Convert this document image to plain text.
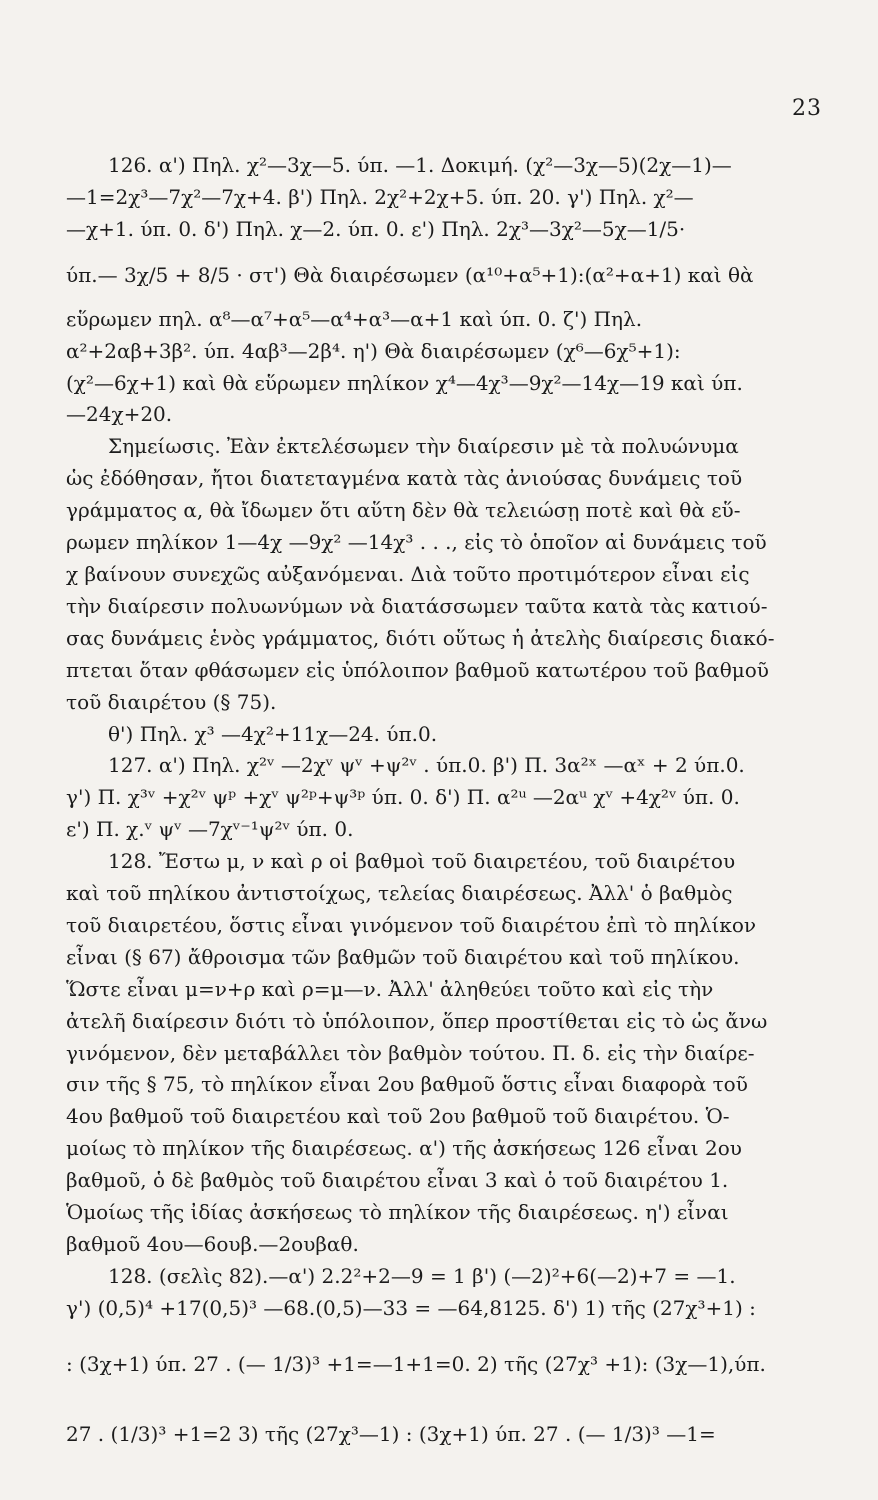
23
126. α') Πηλ. χ²—3χ—5. ύπ. —1. Δοκιμή. (χ²—3χ—5)(2χ—1)—
—1=2χ³—7χ²—7χ+4. β') Πηλ. 2χ²+2χ+5. ύπ. 20. γ') Πηλ. χ²—
—χ+1. ύπ. 0. δ') Πηλ. χ—2. ύπ. 0. ε') Πηλ. 2χ³—3χ²—5χ—1/5·
ύπ.— 3χ/5 + 8/5 · στ') Θὰ διαιρέσωμεν (α¹⁰+α⁵+1):(α²+α+1) καὶ θὰ
εὕρωμεν πηλ. α⁸—α⁷+α⁵—α⁴+α³—α+1 καὶ ύπ. 0. ζ') Πηλ.
α²+2αβ+3β². ύπ. 4αβ³—2β⁴. η') Θὰ διαιρέσωμεν (χ⁶—6χ⁵+1):
(χ²—6χ+1) καὶ θὰ εὕρωμεν πηλίκον χ⁴—4χ³—9χ²—14χ—19 καὶ ύπ.
—24χ+20.
Σημείωσις. Ἐὰν ἐκτελέσωμεν τὴν διαίρεσιν μὲ τὰ πολυώνυμα
ὡς ἐδόθησαν, ἤτοι διατεταγμένα κατὰ τὰς ἀνιούσας δυνάμεις τοῦ
γράμματος α, θὰ ἴδωμεν ὅτι αὕτη δὲν θὰ τελειώσῃ ποτὲ καὶ θὰ εὕ-
ρωμεν πηλίκον 1—4χ —9χ² —14χ³ . . ., εἰς τὸ ὁποῖον αἱ δυνάμεις τοῦ
χ βαίνουν συνεχῶς αὐξανόμεναι. Διὰ τοῦτο προτιμότερον εἶναι εἰς
τὴν διαίρεσιν πολυωνύμων νὰ διατάσσωμεν ταῦτα κατὰ τὰς κατιού-
σας δυνάμεις ἑνὸς γράμματος, διότι οὕτως ἡ ἀτελὴς διαίρεσις διακό-
πτεται ὅταν φθάσωμεν εἰς ὑπόλοιπον βαθμοῦ κατωτέρου τοῦ βαθμοῦ
τοῦ διαιρέτου (§ 75).
θ') Πηλ. χ³ —4χ²+11χ—24. ύπ.0.
127. α') Πηλ. χ²ᵛ —2χᵛ ψᵛ +ψ²ᵛ . ύπ.0. β') Π. 3α²ˣ —αˣ + 2 ύπ.0.
γ') Π. χ³ᵛ +χ²ᵛ ψᵖ +χᵛ ψ²ᵖ+ψ³ᵖ ύπ. 0. δ') Π. α²ᵘ —2αᵘ χᵛ +4χ²ᵛ ύπ. 0.
ε') Π. χ.ᵛ ψᵛ —7χᵛ⁻¹ψ²ᵛ ύπ. 0.
128. Ἔστω μ, ν καὶ ρ οἱ βαθμοὶ τοῦ διαιρετέου, τοῦ διαιρέτου
καὶ τοῦ πηλίκου ἀντιστοίχως, τελείας διαιρέσεως. Ἀλλ' ὁ βαθμὸς
τοῦ διαιρετέου, ὅστις εἶναι γινόμενον τοῦ διαιρέτου ἐπὶ τὸ πηλίκον
εἶναι (§ 67) ἄθροισμα τῶν βαθμῶν τοῦ διαιρέτου καὶ τοῦ πηλίκου.
Ὥστε εἶναι μ=ν+ρ καὶ ρ=μ—ν. Ἀλλ' ἀληθεύει τοῦτο καὶ εἰς τὴν
ἀτελῆ διαίρεσιν διότι τὸ ὑπόλοιπον, ὅπερ προστίθεται εἰς τὸ ὡς ἄνω
γινόμενον, δὲν μεταβάλλει τὸν βαθμὸν τούτου. Π. δ. εἰς τὴν διαίρε-
σιν τῆς § 75, τὸ πηλίκον εἶναι 2ου βαθμοῦ ὅστις εἶναι διαφορὰ τοῦ
4ου βαθμοῦ τοῦ διαιρετέου καὶ τοῦ 2ου βαθμοῦ τοῦ διαιρέτου. Ὁ-
μοίως τὸ πηλίκον τῆς διαιρέσεως. α') τῆς ἀσκήσεως 126 εἶναι 2ου
βαθμοῦ, ὁ δὲ βαθμὸς τοῦ διαιρέτου εἶναι 3 καὶ ὁ τοῦ διαιρέτου 1.
Ὁμοίως τῆς ἰδίας ἀσκήσεως τὸ πηλίκον τῆς διαιρέσεως. η') εἶναι
βαθμοῦ 4ου—6ουβ.—2ουβαθ.
128. (σελὶς 82).—α') 2.2²+2—9 = 1 β') (—2)²+6(—2)+7 = —1.
γ') (0,5)⁴ +17(0,5)³ —68.(0,5)—33 = —64,8125. δ') 1) τῆς (27χ³+1) :
: (3χ+1) ύπ. 27 . (— 1/3)³ +1=—1+1=0. 2) τῆς (27χ³ +1): (3χ—1),ύπ.
27 . (1/3)³ +1=2 3) τῆς (27χ³—1) : (3χ+1) ύπ. 27 . (— 1/3)³ —1=
